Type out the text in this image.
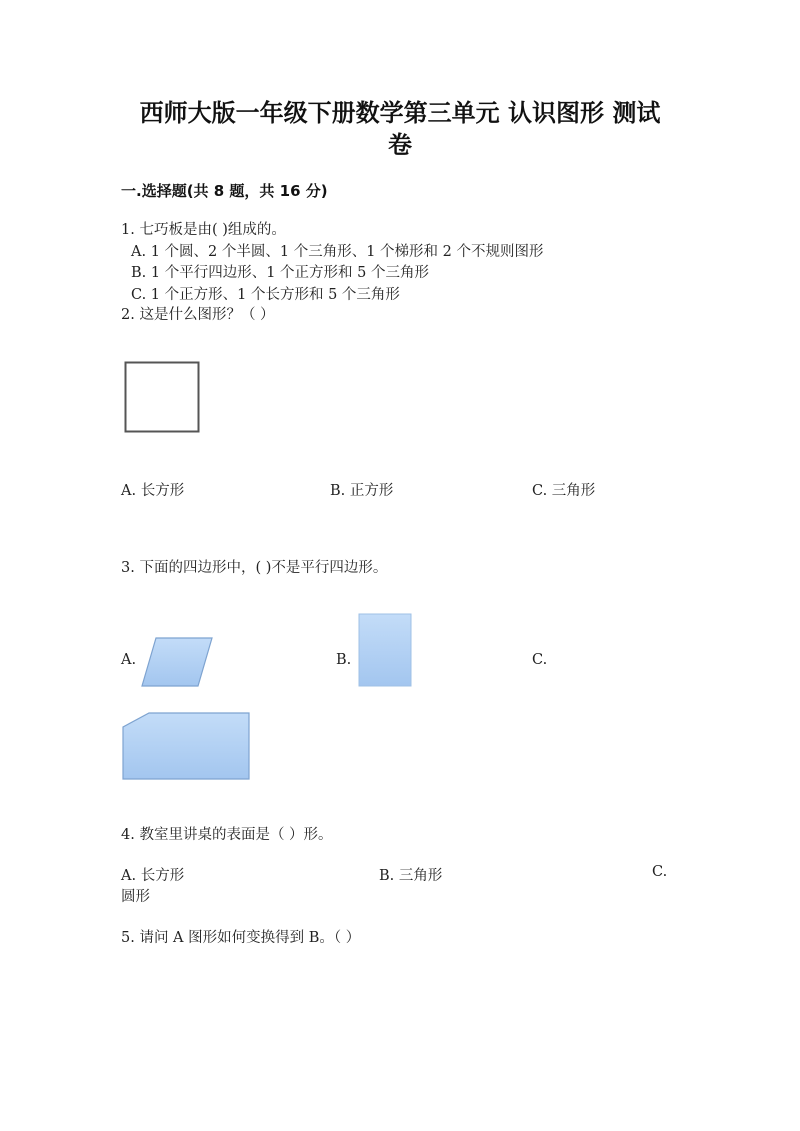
西师大版一年级下册数学第三单元 认识图形 测试
卷
一.选择题(共 8 题，共 16 分)
1. 七巧板是由( )组成的。
A. 1 个圆、2 个半圆、1 个三角形、1 个梯形和 2 个不规则图形
B. 1 个平行四边形、1 个正方形和 5 个三角形
C. 1 个正方形、1 个长方形和 5 个三角形
2. 这是什么图形？（ ）
A. 长方形	B. 正方形	C. 三角形
3. 下面的四边形中，( )不是平行四边形。
A.	B.	C.
4. 教室里讲桌的表面是（ ）形。
A. 长方形	B. 三角形	C.
圆形
5. 请问 A 图形如何变换得到 B。（ ）
